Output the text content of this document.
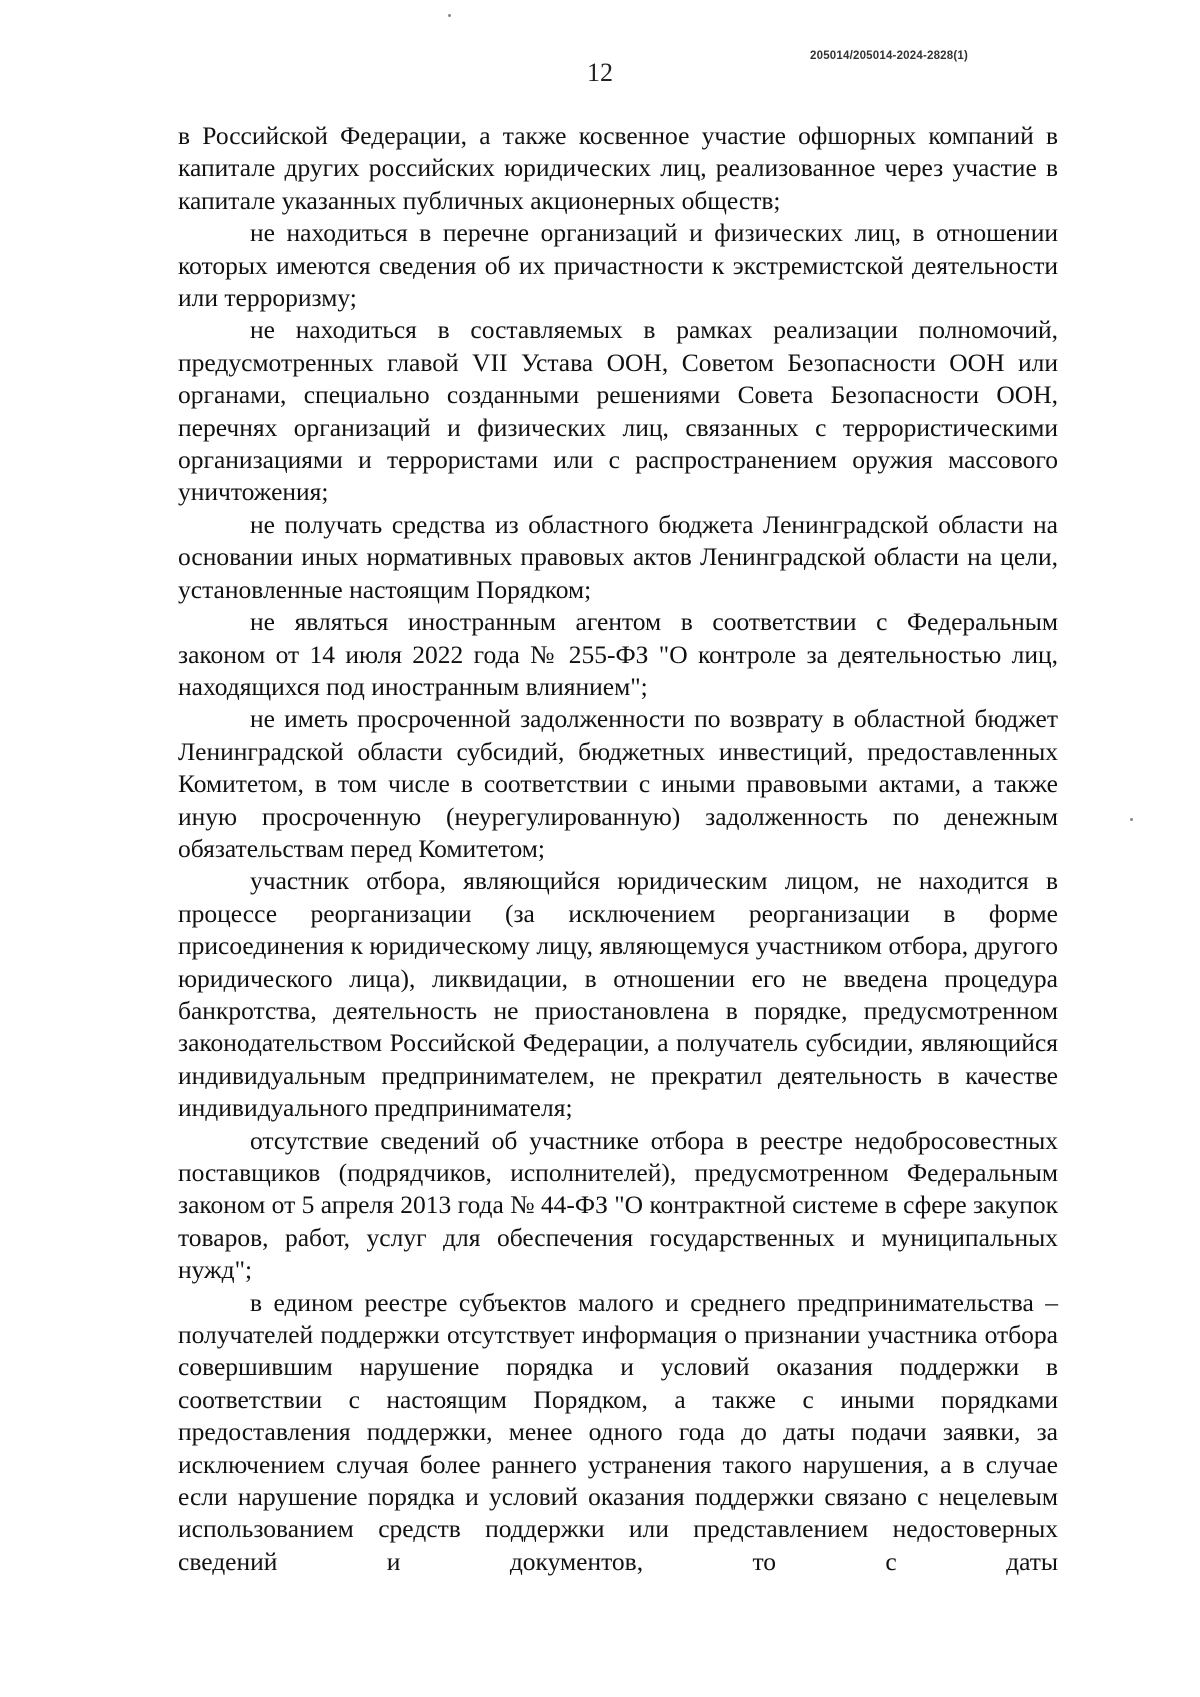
205014/205014-2024-2828(1)
12

в Российской Федерации, а также косвенное участие офшорных компаний в капитале других российских юридических лиц, реализованное через участие в капитале указанных публичных акционерных обществ;

не находиться в перечне организаций и физических лиц, в отношении которых имеются сведения об их причастности к экстремистской деятельности или терроризму;

не находиться в составляемых в рамках реализации полномочий, предусмотренных главой VII Устава ООН, Советом Безопасности ООН или органами, специально созданными решениями Совета Безопасности ООН, перечнях организаций и физических лиц, связанных с террористическими организациями и террористами или с распространением оружия массового уничтожения;

не получать средства из областного бюджета Ленинградской области на основании иных нормативных правовых актов Ленинградской области на цели, установленные настоящим Порядком;

не являться иностранным агентом в соответствии с Федеральным законом от 14 июля 2022 года № 255-ФЗ "О контроле за деятельностью лиц, находящихся под иностранным влиянием";

не иметь просроченной задолженности по возврату в областной бюджет Ленинградской области субсидий, бюджетных инвестиций, предоставленных Комитетом, в том числе в соответствии с иными правовыми актами, а также иную просроченную (неурегулированную) задолженность по денежным обязательствам перед Комитетом;

участник отбора, являющийся юридическим лицом, не находится в процессе реорганизации (за исключением реорганизации в форме присоединения к юридическому лицу, являющемуся участником отбора, другого юридического лица), ликвидации, в отношении его не введена процедура банкротства, деятельность не приостановлена в порядке, предусмотренном законодательством Российской Федерации, а получатель субсидии, являющийся индивидуальным предпринимателем, не прекратил деятельность в качестве индивидуального предпринимателя;

отсутствие сведений об участнике отбора в реестре недобросовестных поставщиков (подрядчиков, исполнителей), предусмотренном Федеральным законом от 5 апреля 2013 года № 44-ФЗ "О контрактной системе в сфере закупок товаров, работ, услуг для обеспечения государственных и муниципальных нужд";

в едином реестре субъектов малого и среднего предпринимательства – получателей поддержки отсутствует информация о признании участника отбора совершившим нарушение порядка и условий оказания поддержки в соответствии с настоящим Порядком, а также с иными порядками предоставления поддержки, менее одного года до даты подачи заявки, за исключением случая более раннего устранения такого нарушения, а в случае если нарушение порядка и условий оказания поддержки связано с нецелевым использованием средств поддержки или представлением недостоверных сведений и документов, то с даты
